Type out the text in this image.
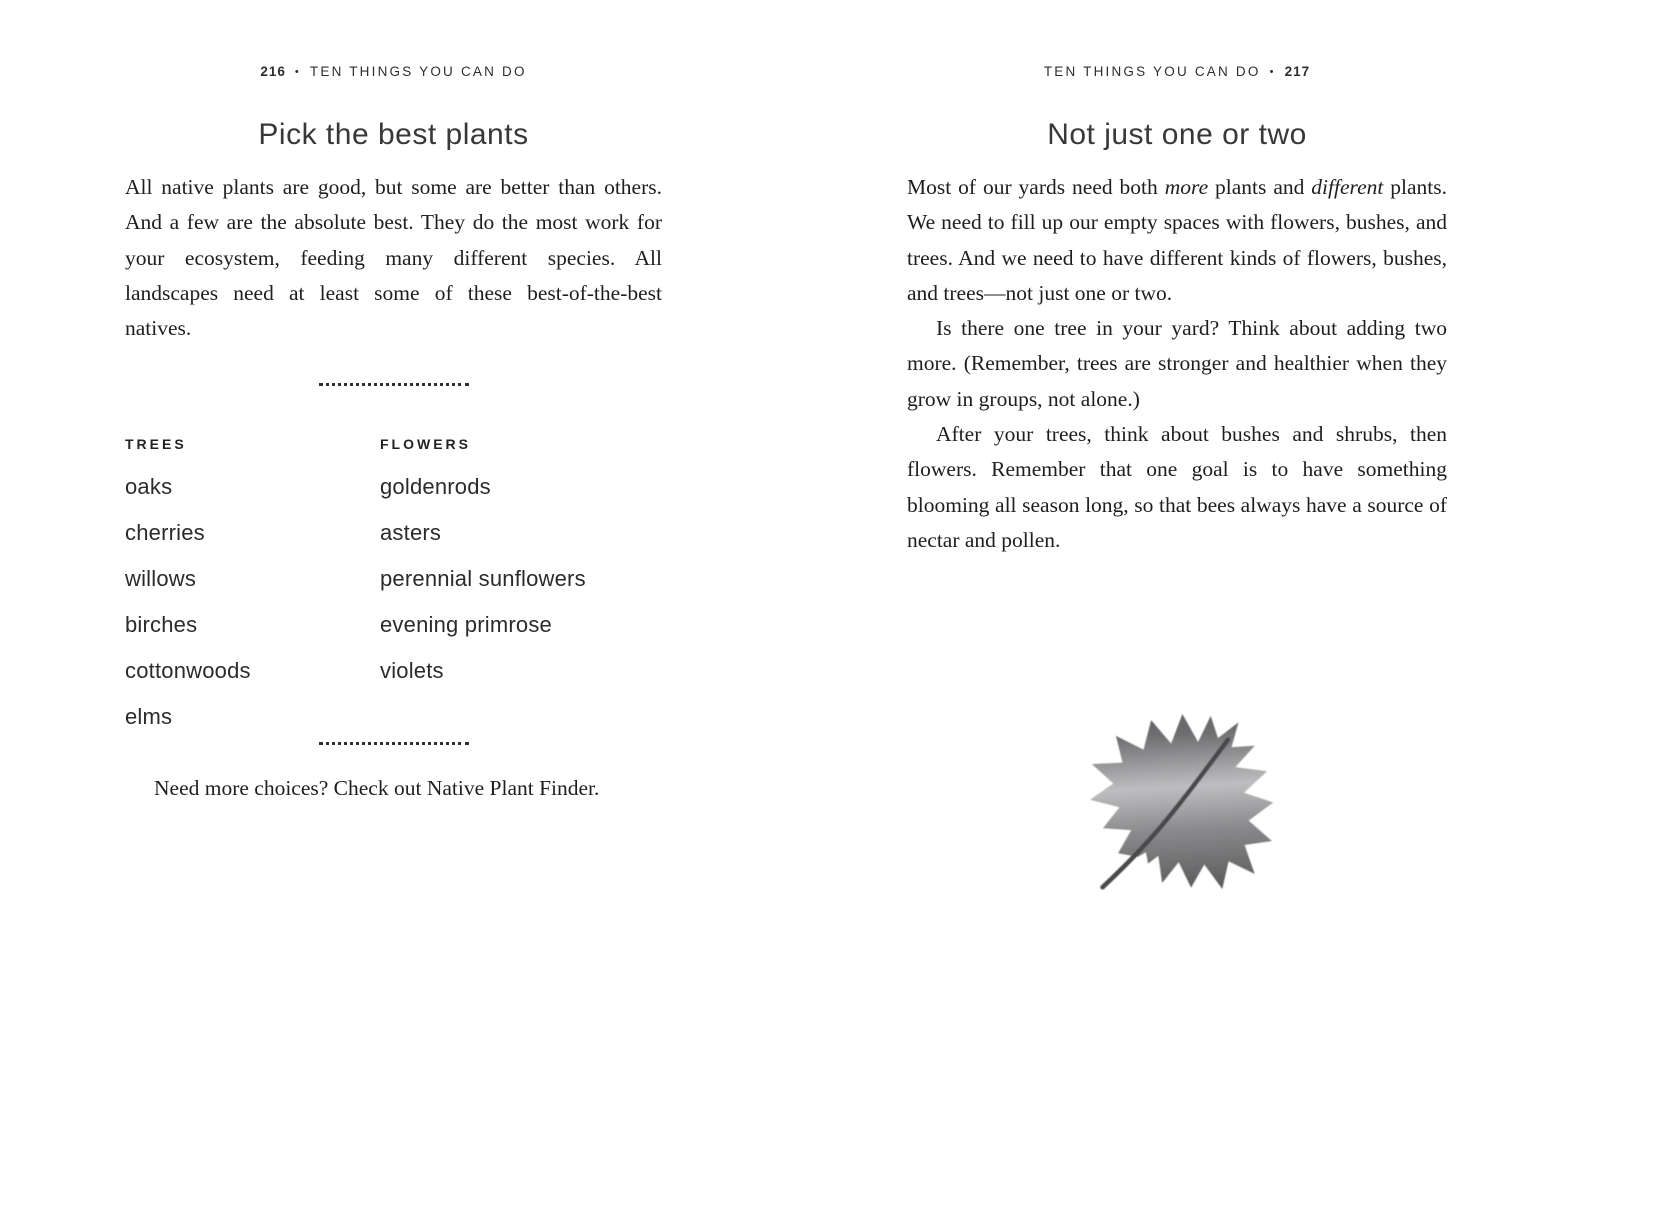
216 • TEN THINGS YOU CAN DO
Pick the best plants

All native plants are good, but some are better than others. And a few are the absolute best. They do the most work for your ecosystem, feeding many different species. All landscapes need at least some of these best-of-the-best natives.

TREES
oaks
cherries
willows
birches
cottonwoods
elms
FLOWERS
goldenrods
asters
perennial sunflowers
evening primrose
violets
Need more choices? Check out Native Plant Finder.
TEN THINGS YOU CAN DO • 217
Not just one or two

Most of our yards need both more plants and different plants. We need to fill up our empty spaces with flowers, bushes, and trees. And we need to have different kinds of flowers, bushes, and trees—not just one or two.

Is there one tree in your yard? Think about adding two more. (Remember, trees are stronger and healthier when they grow in groups, not alone.)

After your trees, think about bushes and shrubs, then flowers. Remember that one goal is to have something blooming all season long, so that bees always have a source of nectar and pollen.
